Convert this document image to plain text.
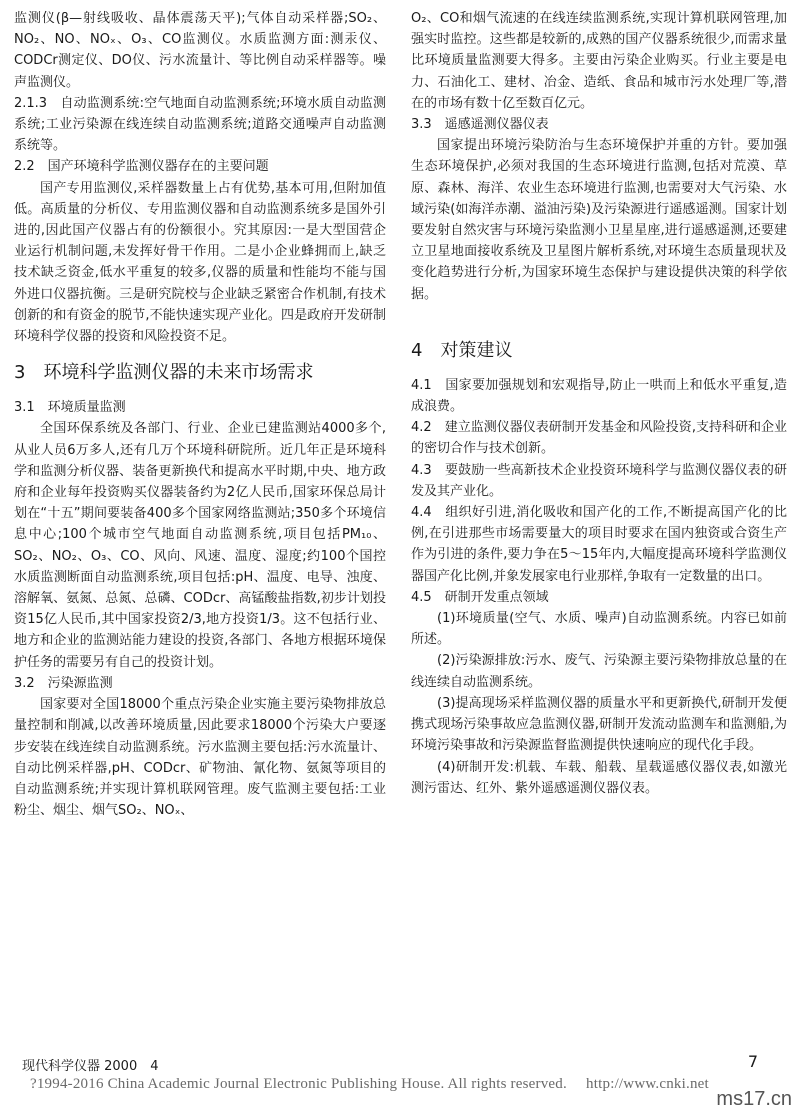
监测仪(β—射线吸收、晶体震荡天平);气体自动采样器;SO₂、NO₂、NO、NOₓ、O₃、CO监测仪。水质监测方面:测汞仪、CODCr测定仪、DO仪、污水流量计、等比例自动采样器等。噪声监测仪。

2.1.3　自动监测系统:空气地面自动监测系统;环境水质自动监测系统;工业污染源在线连续自动监测系统;道路交通噪声自动监测系统等。

2.2　国产环境科学监测仪器存在的主要问题

国产专用监测仪,采样器数量上占有优势,基本可用,但附加值低。高质量的分析仪、专用监测仪器和自动监测系统多是国外引进的,因此国产仪器占有的份额很小。究其原因:一是大型国营企业运行机制问题,未发挥好骨干作用。二是小企业蜂拥而上,缺乏技术缺乏资金,低水平重复的较多,仪器的质量和性能均不能与国外进口仪器抗衡。三是研究院校与企业缺乏紧密合作机制,有技术创新的和有资金的脱节,不能快速实现产业化。四是政府开发研制环境科学仪器的投资和风险投资不足。

3　环境科学监测仪器的未来市场需求

3.1　环境质量监测

全国环保系统及各部门、行业、企业已建监测站4000多个,从业人员6万多人,还有几万个环境科研院所。近几年正是环境科学和监测分析仪器、装备更新换代和提高水平时期,中央、地方政府和企业每年投资购买仪器装备约为2亿人民币,国家环保总局计划在“十五”期间要装备400多个国家网络监测站;350多个环境信息中心;100个城市空气地面自动监测系统,项目包括PM₁₀、SO₂、NO₂、O₃、CO、风向、风速、温度、湿度;约100个国控水质监测断面自动监测系统,项目包括:pH、温度、电导、浊度、溶解氧、氨氮、总氮、总磷、CODcr、高锰酸盐指数,初步计划投资15亿人民币,其中国家投资2/3,地方投资1/3。这不包括行业、地方和企业的监测站能力建设的投资,各部门、各地方根据环境保护任务的需要另有自己的投资计划。

3.2　污染源监测

国家要对全国18000个重点污染企业实施主要污染物排放总量控制和削减,以改善环境质量,因此要求18000个污染大户要逐步安装在线连续自动监测系统。污水监测主要包括:污水流量计、自动比例采样器,pH、CODcr、矿物油、氰化物、氨氮等项目的自动监测系统;并实现计算机联网管理。废气监测主要包括:工业粉尘、烟尘、烟气SO₂、NOₓ、

O₂、CO和烟气流速的在线连续监测系统,实现计算机联网管理,加强实时监控。这些都是较新的,成熟的国产仪器系统很少,而需求量比环境质量监测要大得多。主要由污染企业购买。行业主要是电力、石油化工、建材、冶金、造纸、食品和城市污水处理厂等,潜在的市场有数十亿至数百亿元。

3.3　遥感遥测仪器仪表

国家提出环境污染防治与生态环境保护并重的方针。要加强生态环境保护,必须对我国的生态环境进行监测,包括对荒漠、草原、森林、海洋、农业生态环境进行监测,也需要对大气污染、水域污染(如海洋赤潮、溢油污染)及污染源进行遥感遥测。国家计划要发射自然灾害与环境污染监测小卫星星座,进行遥感遥测,还要建立卫星地面接收系统及卫星图片解析系统,对环境生态质量现状及变化趋势进行分析,为国家环境生态保护与建设提供决策的科学依据。

4　对策建议

4.1　国家要加强规划和宏观指导,防止一哄而上和低水平重复,造成浪费。

4.2　建立监测仪器仪表研制开发基金和风险投资,支持科研和企业的密切合作与技术创新。

4.3　要鼓励一些高新技术企业投资环境科学与监测仪器仪表的研发及其产业化。

4.4　组织好引进,消化吸收和国产化的工作,不断提高国产化的比例,在引进那些市场需要量大的项目时要求在国内独资或合资生产作为引进的条件,要力争在5～15年内,大幅度提高环境科学监测仪器国产化比例,并象发展家电行业那样,争取有一定数量的出口。

4.5　研制开发重点领域

(1)环境质量(空气、水质、噪声)自动监测系统。内容已如前所述。

(2)污染源排放:污水、废气、污染源主要污染物排放总量的在线连续自动监测系统。

(3)提高现场采样监测仪器的质量水平和更新换代,研制开发便携式现场污染事故应急监测仪器,研制开发流动监测车和监测船,为环境污染事故和污染源监督监测提供快速响应的现代化手段。

(4)研制开发:机载、车载、船载、星载遥感仪器仪表,如激光测污雷达、红外、紫外遥感遥测仪器仪表。

现代科学仪器 2000　4	7
?1994-2016 China Academic Journal Electronic Publishing House. All rights reserved.　 http://www.cnki.net
ms17.cn
